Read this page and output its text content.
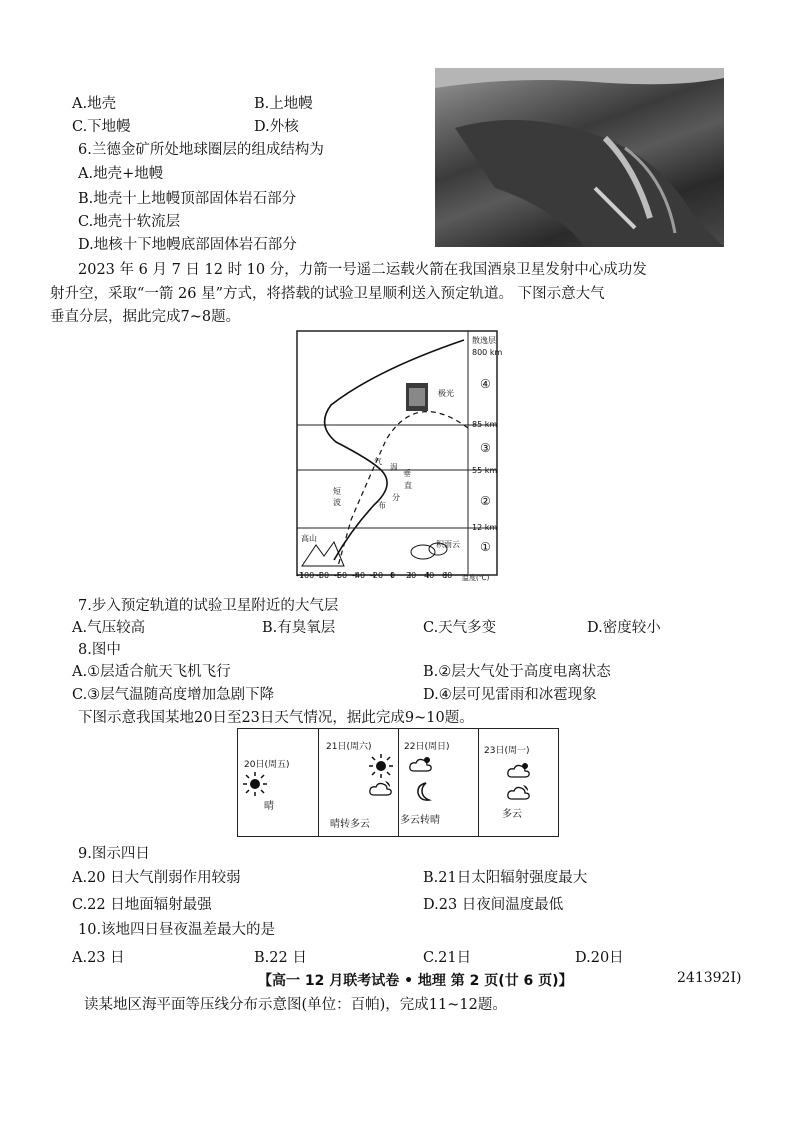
A.地壳	B.上地幔
C.下地幔	D.外核
6.兰德金矿所处地球圈层的组成结构为
A.地壳+地幔
B.地壳十上地幔顶部固体岩石部分
C.地壳十软流层
D.地核十下地幔底部固体岩石部分
2023 年 6 月 7 日 12 时 10 分，力箭一号遥二运载火箭在我国酒泉卫星发射中心成功发
射升空，采取“一箭 26 星”方式，将搭载的试验卫星顺利送入预定轨道。 下图示意大气
垂直分层，据此完成7~8题。
散逸层
800 km
④
85 km
③
55 km
②
12 km
①
极光
气
温
垂
直
分
布
短
波
高山
积雨云
-100 -80 -60 -40 -20 0 20 40 60 温度(℃)
7.步入预定轨道的试验卫星附近的大气层
A.气压较高	B.有臭氧层	C.天气多变	D.密度较小
8.图中
A.①层适合航天飞机飞行	B.②层大气处于高度电离状态
C.③层气温随高度增加急剧下降	D.④层可见雷雨和冰雹现象
下图示意我国某地20日至23日天气情况，据此完成9~10题。
20日(周五)
晴
21日(周六)
晴转多云
22日(周日)
多云转晴
23日(周一)
多云
9.图示四日
A.20 日大气削弱作用较弱	B.21日太阳辐射强度最大
C.22 日地面辐射最强	D.23 日夜间温度最低
10.该地四日昼夜温差最大的是
A.23 日	B.22 日	C.21日	D.20日
【高一 12 月联考试卷 • 地理 第 2 页(廿 6 页)】	241392I)
读某地区海平面等压线分布示意图(单位：百帕)，完成11~12题。
